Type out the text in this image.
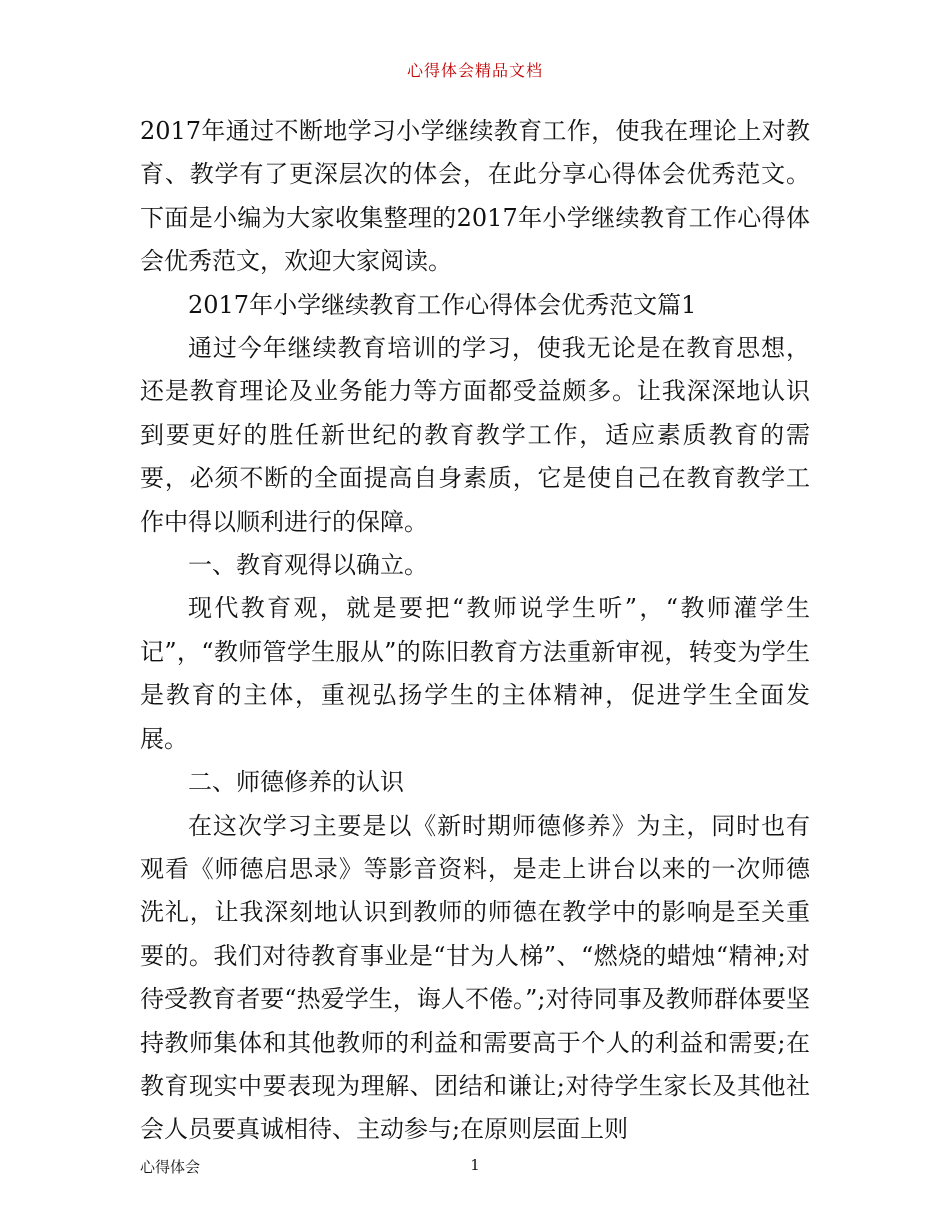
心得体会精品文档

2017年通过不断地学习小学继续教育工作，使我在理论上对教育、教学有了更深层次的体会，在此分享心得体会优秀范文。下面是小编为大家收集整理的2017年小学继续教育工作心得体会优秀范文，欢迎大家阅读。

2017年小学继续教育工作心得体会优秀范文篇1

通过今年继续教育培训的学习，使我无论是在教育思想，还是教育理论及业务能力等方面都受益颇多。让我深深地认识到要更好的胜任新世纪的教育教学工作，适应素质教育的需要，必须不断的全面提高自身素质，它是使自己在教育教学工作中得以顺利进行的保障。

一、教育观得以确立。

现代教育观，就是要把“教师说学生听”，“教师灌学生记”，“教师管学生服从”的陈旧教育方法重新审视，转变为学生是教育的主体，重视弘扬学生的主体精神，促进学生全面发展。

二、师德修养的认识

在这次学习主要是以《新时期师德修养》为主，同时也有观看《师德启思录》等影音资料，是走上讲台以来的一次师德洗礼，让我深刻地认识到教师的师德在教学中的影响是至关重要的。我们对待教育事业是“甘为人梯”、“燃烧的蜡烛“精神;对待受教育者要“热爱学生，诲人不倦。”;对待同事及教师群体要坚持教师集体和其他教师的利益和需要高于个人的利益和需要;在教育现实中要表现为理解、团结和谦让;对待学生家长及其他社会人员要真诚相待、主动参与;在原则层面上则

心得体会	1
